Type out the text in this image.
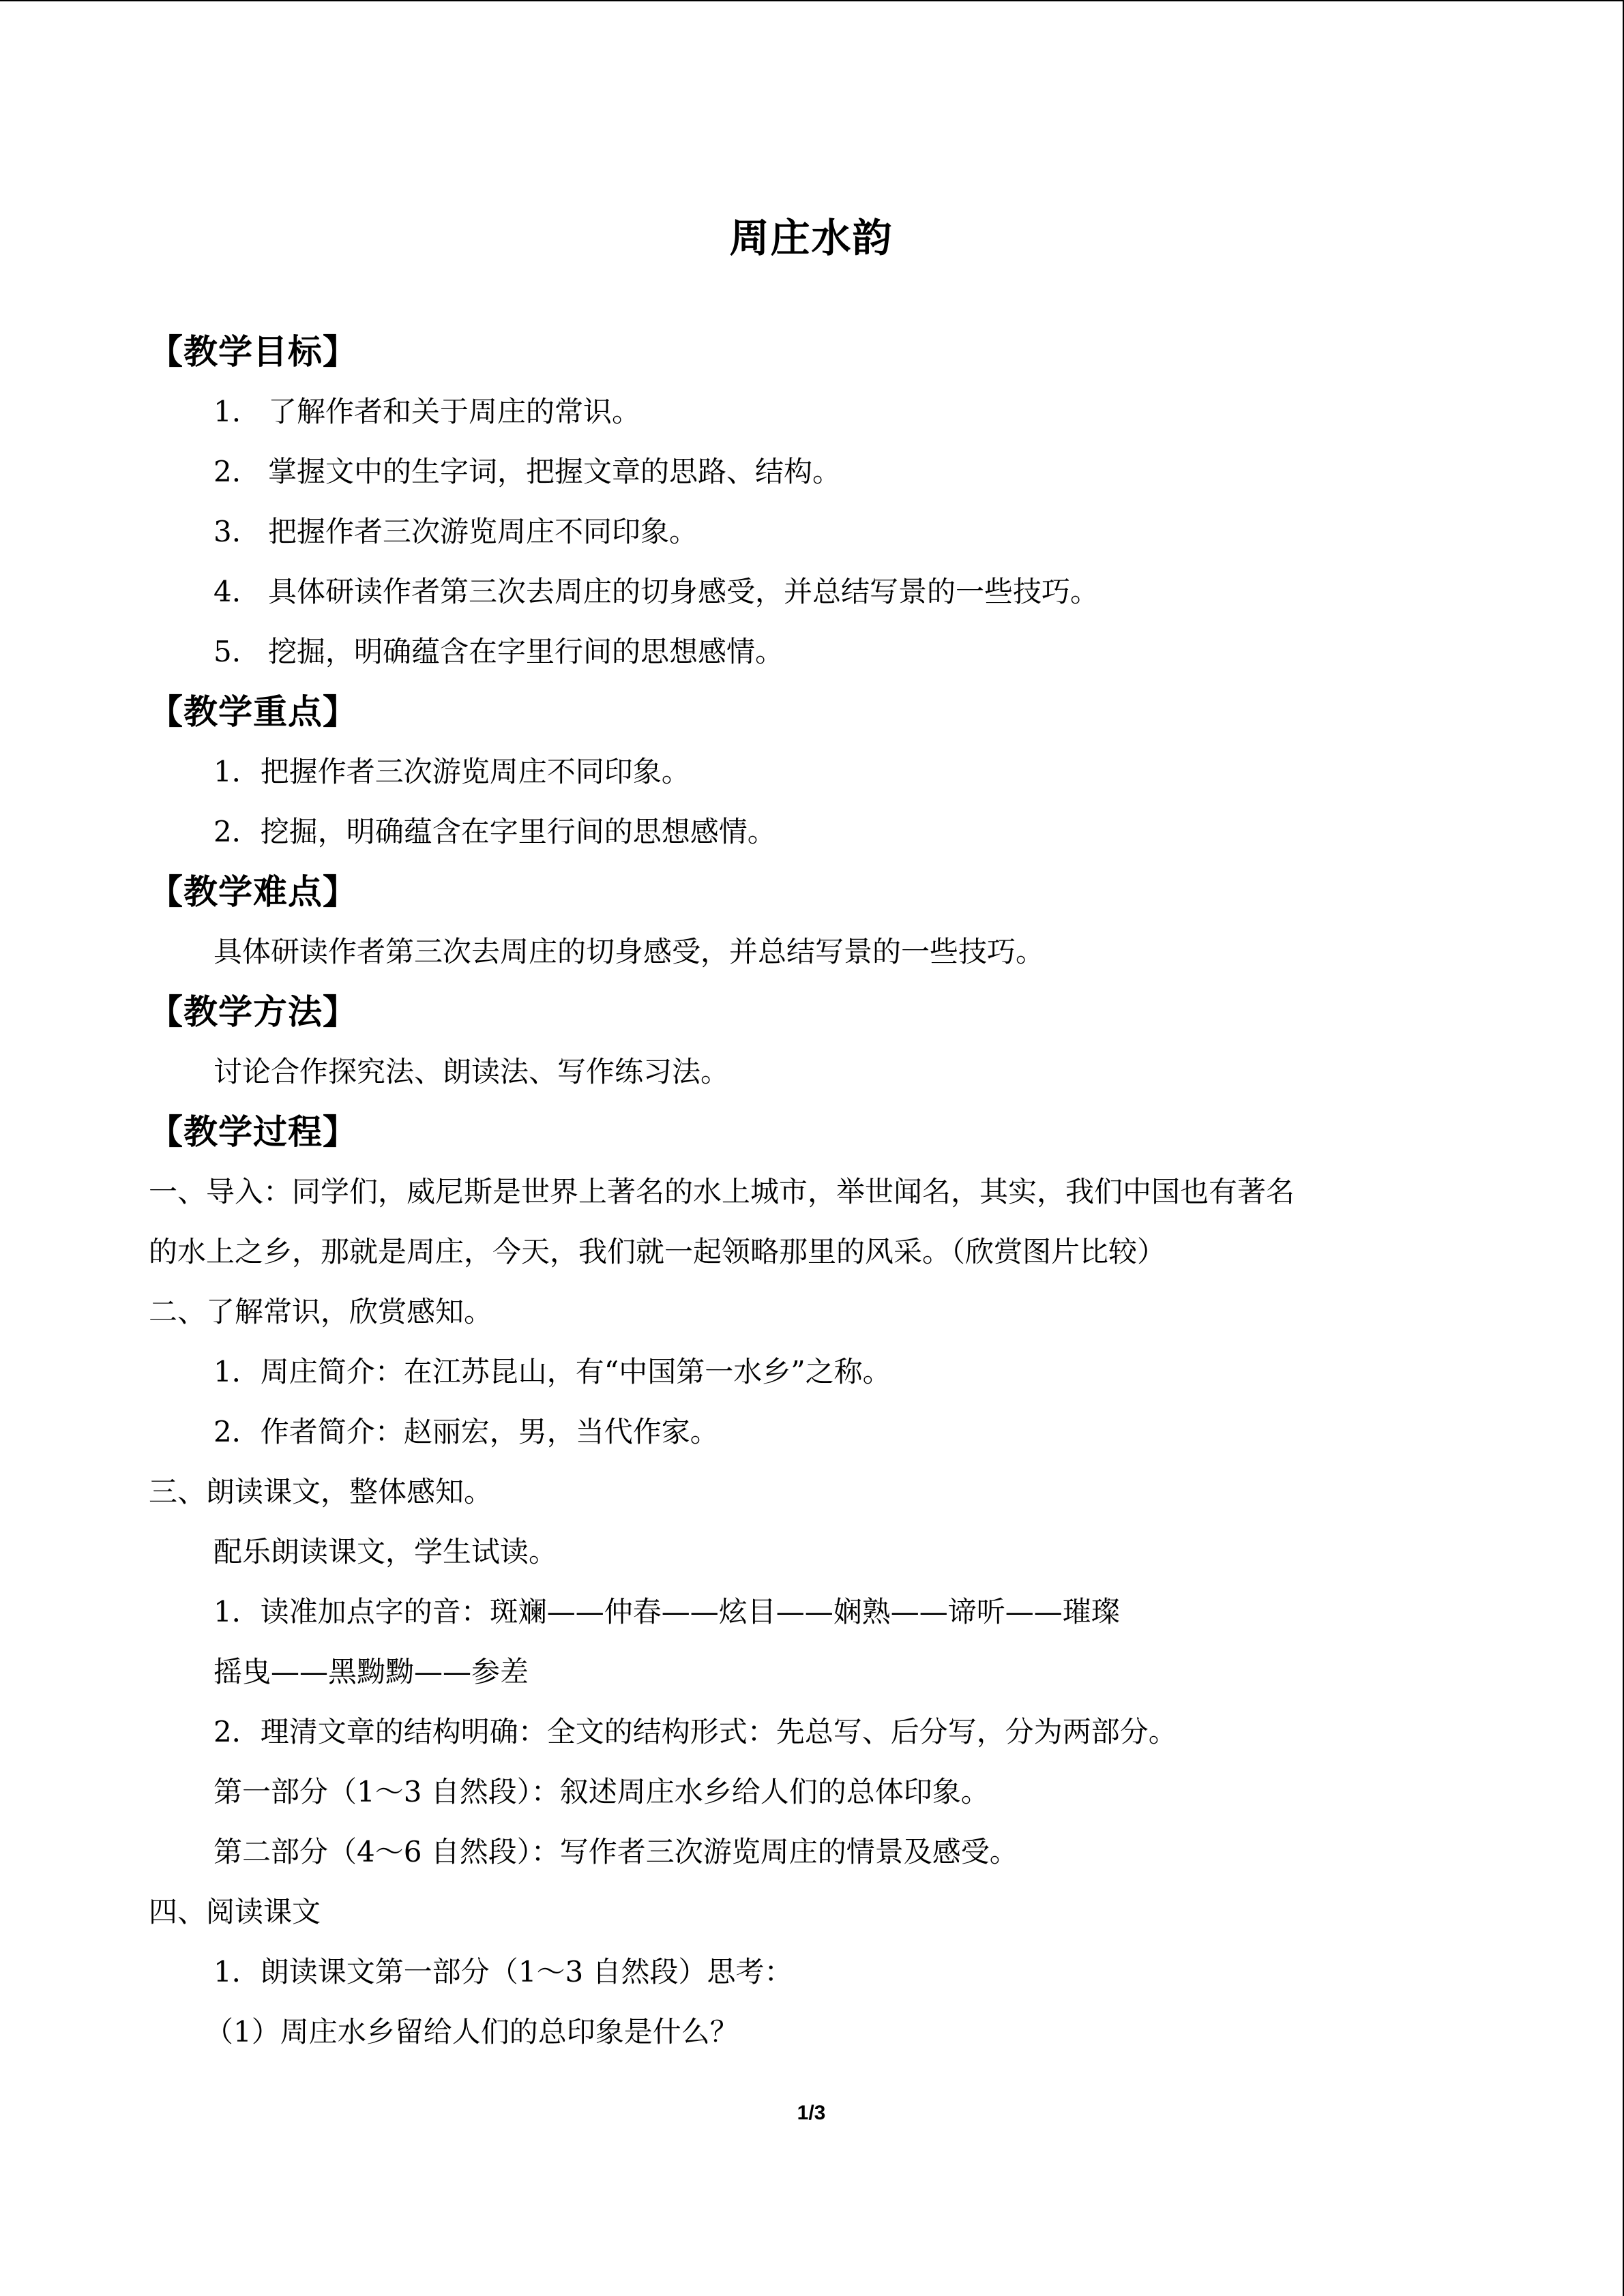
周庄水韵
【教学目标】
1. 了解作者和关于周庄的常识。
2. 掌握文中的生字词，把握文章的思路、结构。
3. 把握作者三次游览周庄不同印象。
4. 具体研读作者第三次去周庄的切身感受，并总结写景的一些技巧。
5. 挖掘，明确蕴含在字里行间的思想感情。
【教学重点】
1．把握作者三次游览周庄不同印象。
2．挖掘，明确蕴含在字里行间的思想感情。
【教学难点】
具体研读作者第三次去周庄的切身感受，并总结写景的一些技巧。
【教学方法】
讨论合作探究法、朗读法、写作练习法。
【教学过程】
一、导入：同学们，威尼斯是世界上著名的水上城市，举世闻名，其实，我们中国也有著名
的水上之乡，那就是周庄，今天，我们就一起领略那里的风采。（欣赏图片比较）
二、了解常识，欣赏感知。
1．周庄简介：在江苏昆山，有“中国第一水乡”之称。
2．作者简介：赵丽宏，男，当代作家。
三、朗读课文，整体感知。
配乐朗读课文，学生试读。
1．读准加点字的音：斑斓——仲春——炫目——娴熟——谛听——璀璨
摇曳——黑黝黝——参差
2．理清文章的结构明确：全文的结构形式：先总写、后分写，分为两部分。
第一部分（1～3 自然段）：叙述周庄水乡给人们的总体印象。
第二部分（4～6 自然段）：写作者三次游览周庄的情景及感受。
四、阅读课文
1．朗读课文第一部分（1～3 自然段）思考：
（1）周庄水乡留给人们的总印象是什么？
1/3
